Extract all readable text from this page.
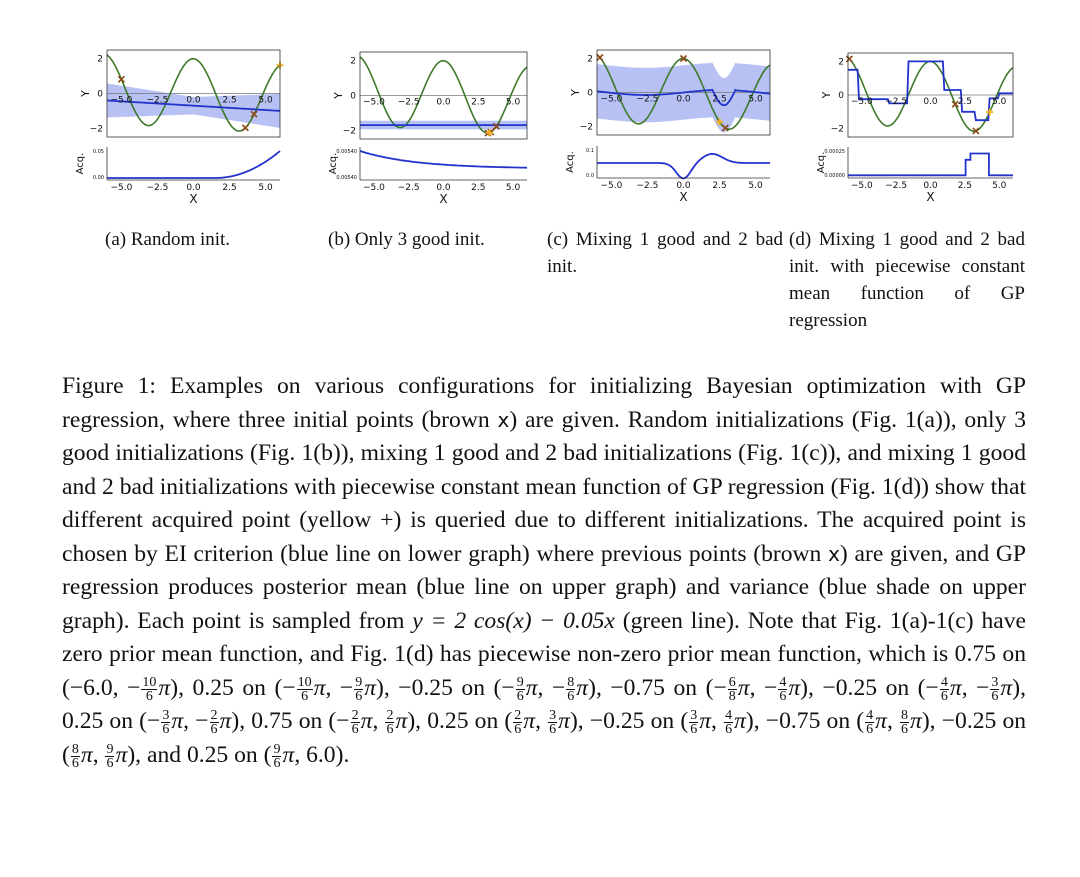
−5.0 −2.5 0.0 2.5 5.0
2
0
−2
Y
0.05
0.00
−5.0 −2.5 0.0 2.5 5.0
Acq.
X
−5.0 −2.5 0.0 2.5 5.0
2
0
−2
Y
0.00540
0.00540
−5.0 −2.5 0.0 2.5 5.0
Acq.
X
−5.0 −2.5 0.0 2.5 5.0
2
0
−2
Y
0.1
0.0
−5.0 −2.5 0.0 2.5 5.0
Acq.
X
−5.0 −2.5 0.0 2.5 5.0
2
0
−2
Y
0.00025
0.00000
−5.0 −2.5 0.0 2.5 5.0
Acq.
X
(a) Random init.	(b) Only 3 good init.	(c) Mixing 1 good and 2 bad init.
(d) Mixing 1 good and 2 bad init. with piecewise constant mean function of GP regression

Figure 1: Examples on various configurations for initializing Bayesian optimization with GP regression, where three initial points (brown x) are given. Random initializations (Fig. 1(a)), only 3 good initializations (Fig. 1(b)), mixing 1 good and 2 bad initializations (Fig. 1(c)), and mixing 1 good and 2 bad initializations with piecewise constant mean function of GP regression (Fig. 1(d)) show that different acquired point (yellow +) is queried due to different initializations. The acquired point is chosen by EI criterion (blue line on lower graph) where previous points (brown x) are given, and GP regression produces posterior mean (blue line on upper graph) and variance (blue shade on upper graph). Each point is sampled from y = 2 cos(x) − 0.05x (green line). Note that Fig. 1(a)-1(c) have zero prior mean function, and Fig. 1(d) has piecewise non-zero prior mean function, which is 0.75 on (−6.0, − $\frac{10}{6} \pi$), 0.25 on (− $\frac{10}{6} \pi$, − $\frac{9}{6} \pi$), −0.25 on (− $\frac{9}{6} \pi$, − $\frac{8}{6} \pi$), −0.75 on (− $\frac{6}{8} \pi$, − $\frac{4}{6} \pi$), −0.25 on (− $\frac{4}{6} \pi$, − $\frac{3}{6} \pi$), 0.25 on (− $\frac{3}{6} \pi$, − $\frac{2}{6} \pi$), 0.75 on (− $\frac{2}{6} \pi$, $\frac{2}{6} \pi$), 0.25 on ( $\frac{2}{6} \pi$, $\frac{3}{6} \pi$), −0.25 on ( $\frac{3}{6} \pi$, $\frac{4}{6} \pi$), −0.75 on ( $\frac{4}{6} \pi$, $\frac{8}{6} \pi$), −0.25 on ( $\frac{8}{6} \pi$, $\frac{9}{6} \pi$), and 0.25 on ( $\frac{9}{6} \pi$, 6.0).
